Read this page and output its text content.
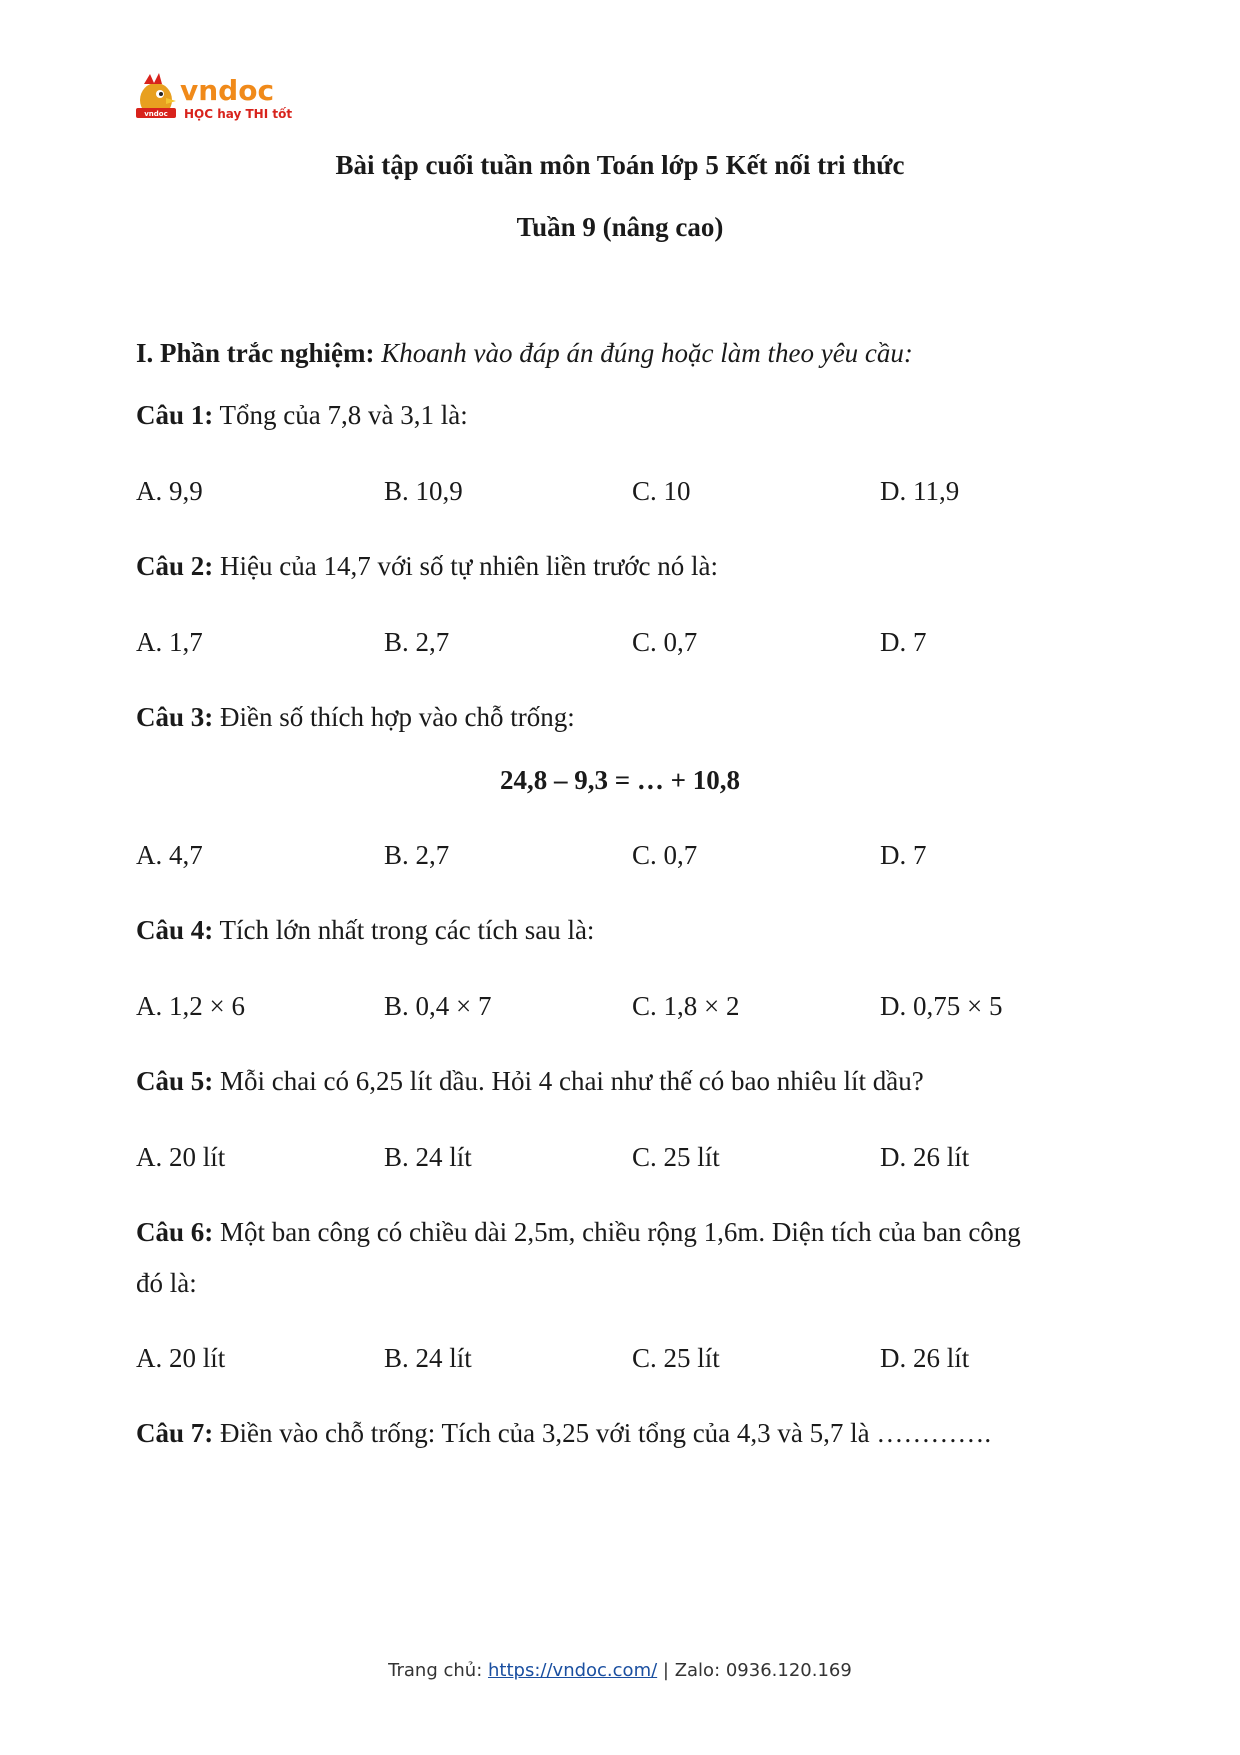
vndoc
vndoc
HỌC hay THI tốt
Bài tập cuối tuần môn Toán lớp 5 Kết nối tri thức
Tuần 9 (nâng cao)
I. Phần trắc nghiệm: Khoanh vào đáp án đúng hoặc làm theo yêu cầu:
Câu 1: Tổng của 7,8 và 3,1 là:
A. 9,9	B. 10,9	C. 10	D. 11,9
Câu 2: Hiệu của 14,7 với số tự nhiên liền trước nó là:
A. 1,7	B. 2,7	C. 0,7	D. 7
Câu 3: Điền số thích hợp vào chỗ trống:
24,8 – 9,3 = … + 10,8
A. 4,7	B. 2,7	C. 0,7	D. 7
Câu 4: Tích lớn nhất trong các tích sau là:
A. 1,2 × 6	B. 0,4 × 7	C. 1,8 × 2	D. 0,75 × 5
Câu 5: Mỗi chai có 6,25 lít dầu. Hỏi 4 chai như thế có bao nhiêu lít dầu?
A. 20 lít	B. 24 lít	C. 25 lít	D. 26 lít
Câu 6: Một ban công có chiều dài 2,5m, chiều rộng 1,6m. Diện tích của ban công
đó là:
A. 20 lít	B. 24 lít	C. 25 lít	D. 26 lít
Câu 7: Điền vào chỗ trống: Tích của 3,25 với tổng của 4,3 và 5,7 là ………….
Trang chủ: https://vndoc.com/ | Zalo: 0936.120.169
